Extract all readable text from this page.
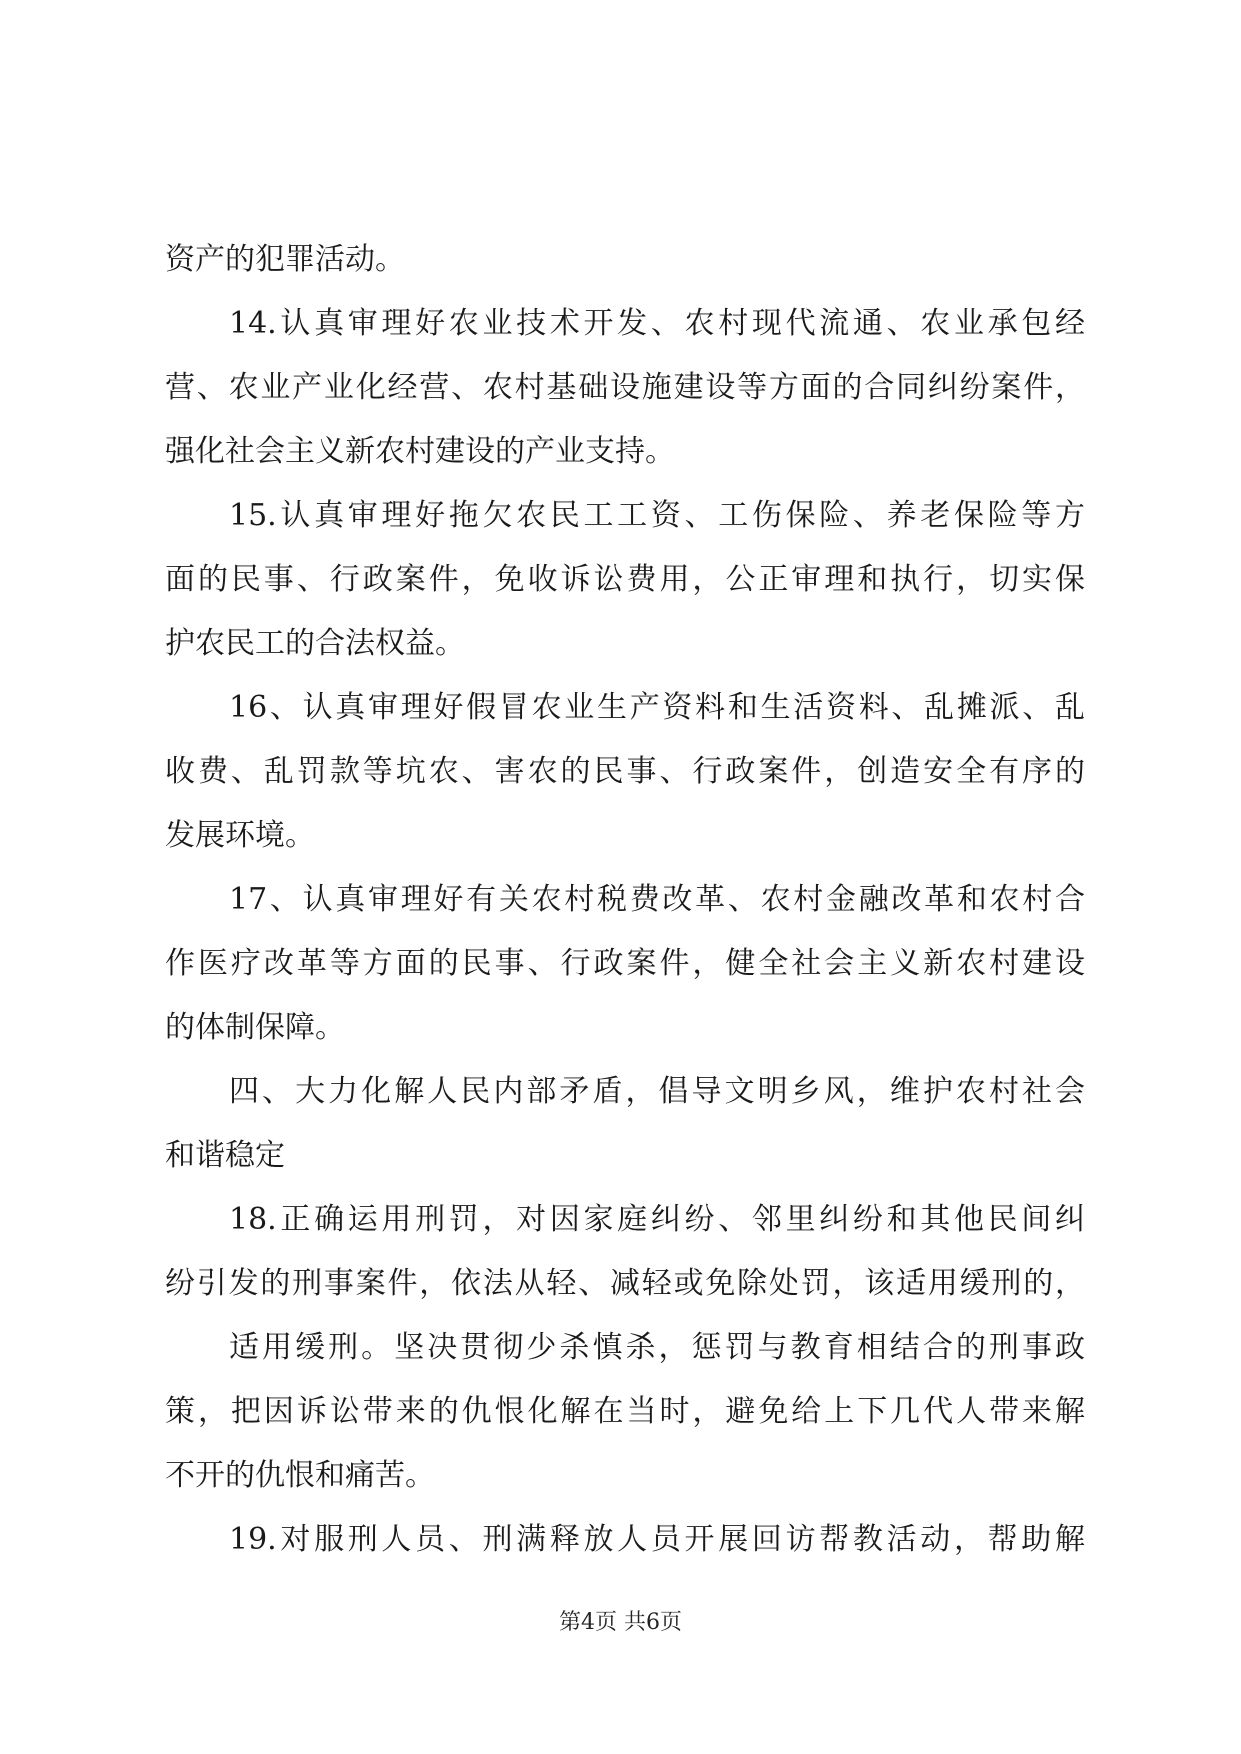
资产的犯罪活动。
14.认真审理好农业技术开发、农村现代流通、农业承包经
营、农业产业化经营、农村基础设施建设等方面的合同纠纷案件，
强化社会主义新农村建设的产业支持。
15.认真审理好拖欠农民工工资、工伤保险、养老保险等方
面的民事、行政案件，免收诉讼费用，公正审理和执行，切实保
护农民工的合法权益。
16、认真审理好假冒农业生产资料和生活资料、乱摊派、乱
收费、乱罚款等坑农、害农的民事、行政案件，创造安全有序的
发展环境。
17、认真审理好有关农村税费改革、农村金融改革和农村合
作医疗改革等方面的民事、行政案件，健全社会主义新农村建设
的体制保障。
四、大力化解人民内部矛盾，倡导文明乡风，维护农村社会
和谐稳定
18.正确运用刑罚，对因家庭纠纷、邻里纠纷和其他民间纠
纷引发的刑事案件，依法从轻、减轻或免除处罚，该适用缓刑的，
适用缓刑。坚决贯彻少杀慎杀，惩罚与教育相结合的刑事政
策，把因诉讼带来的仇恨化解在当时，避免给上下几代人带来解
不开的仇恨和痛苦。
19.对服刑人员、刑满释放人员开展回访帮教活动，帮助解
第4页 共6页
